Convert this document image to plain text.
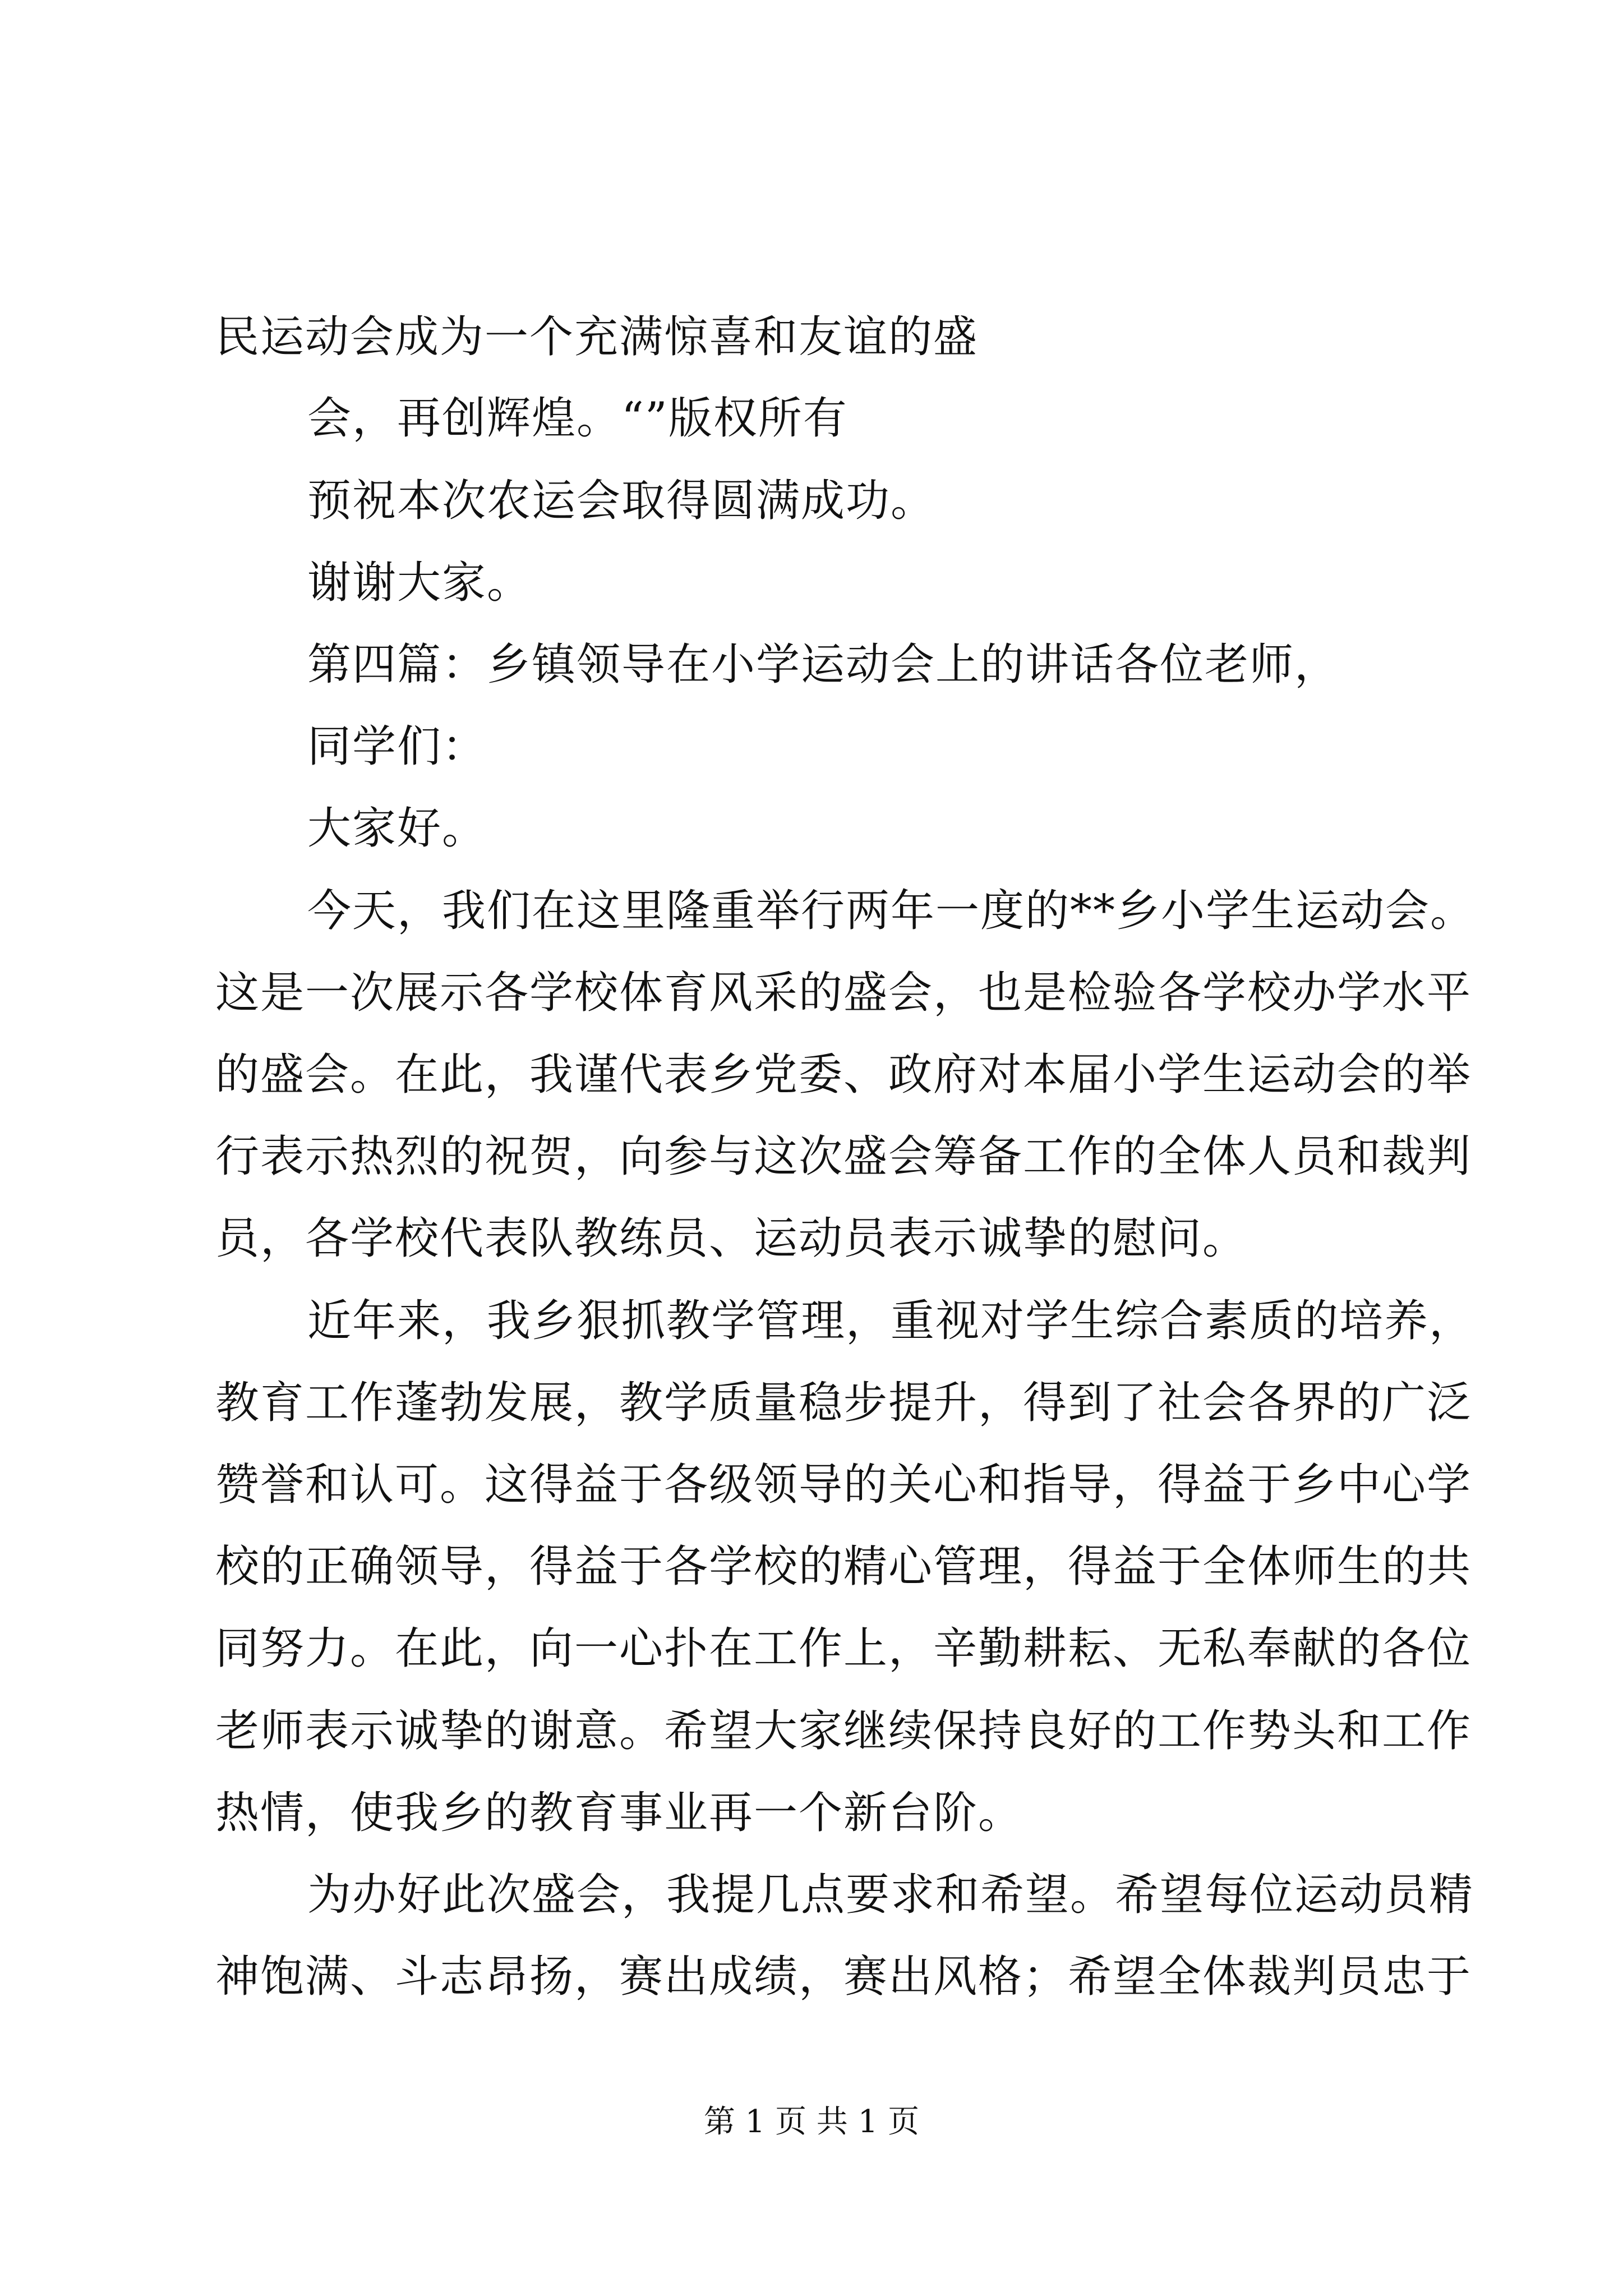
民运动会成为一个充满惊喜和友谊的盛
会，再创辉煌。“”版权所有
预祝本次农运会取得圆满成功。
谢谢大家。
第四篇：乡镇领导在小学运动会上的讲话各位老师，
同学们：
大家好。
今天，我们在这里隆重举行两年一度的**乡小学生运动会。
这是一次展示各学校体育风采的盛会，也是检验各学校办学水平
的盛会。在此，我谨代表乡党委、政府对本届小学生运动会的举
行表示热烈的祝贺，向参与这次盛会筹备工作的全体人员和裁判
员，各学校代表队教练员、运动员表示诚挚的慰问。
近年来，我乡狠抓教学管理，重视对学生综合素质的培养，
教育工作蓬勃发展，教学质量稳步提升，得到了社会各界的广泛
赞誉和认可。这得益于各级领导的关心和指导，得益于乡中心学
校的正确领导，得益于各学校的精心管理，得益于全体师生的共
同努力。在此，向一心扑在工作上，辛勤耕耘、无私奉献的各位
老师表示诚挚的谢意。希望大家继续保持良好的工作势头和工作
热情，使我乡的教育事业再一个新台阶。
为办好此次盛会，我提几点要求和希望。希望每位运动员精
神饱满、斗志昂扬，赛出成绩，赛出风格；希望全体裁判员忠于
第 1 页 共 1 页
